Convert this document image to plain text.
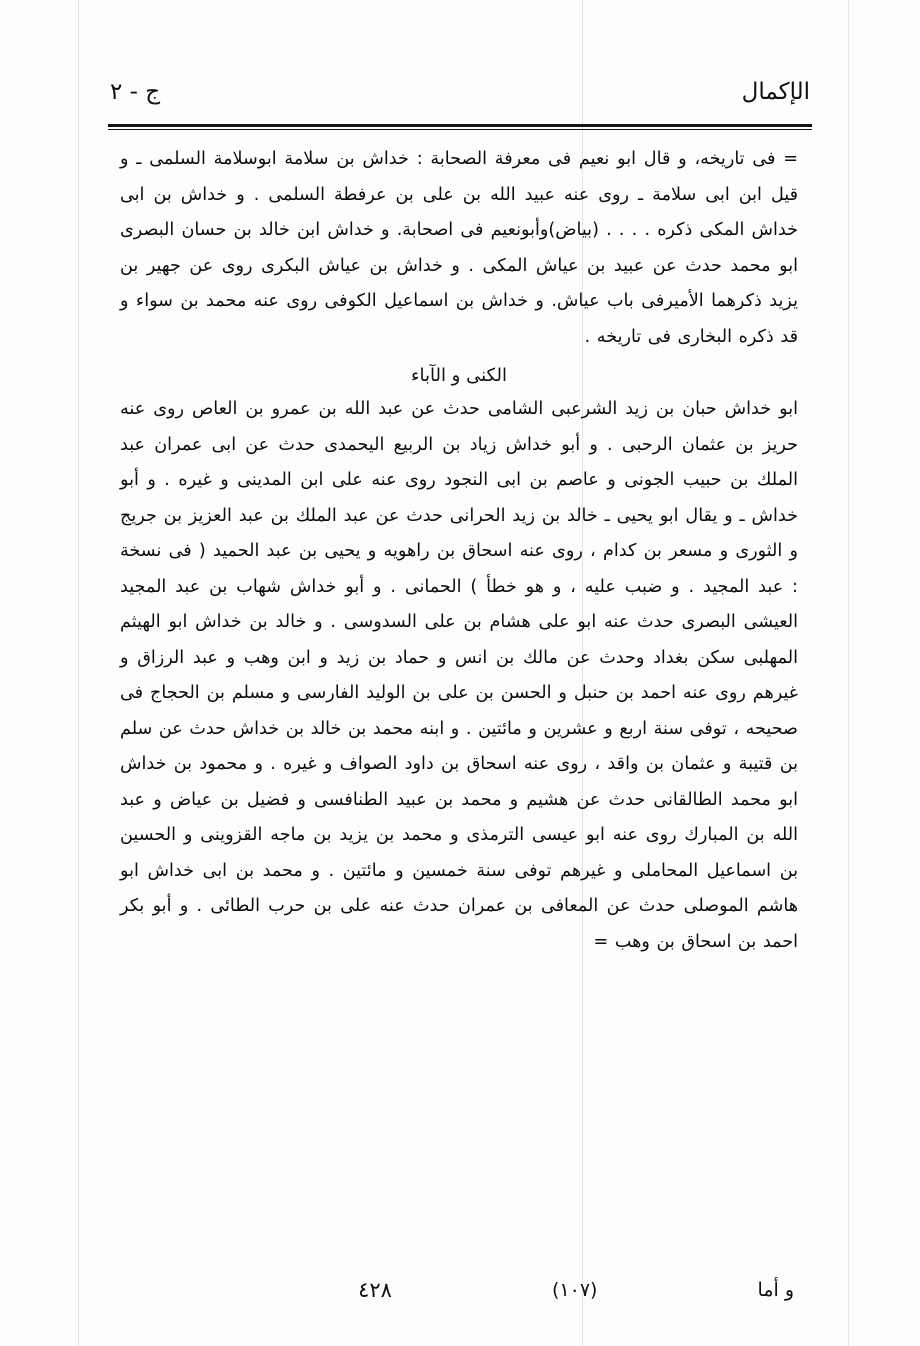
الإكمال
ج - ٢

= فى تاريخه، و قال ابو نعيم فى معرفة الصحابة : خداش بن سلامة ابوسلامة السلمى ـ و قيل ابن ابى سلامة ـ روى عنه عبيد الله بن على بن عرفطة السلمى . و خداش بن ابى خداش المكى ذكره . . . . (بياض)وأبونعيم فى اصحابة. و خداش ابن خالد بن حسان البصرى ابو محمد حدث عن عبيد بن عياش المكى . و خداش بن عياش البكرى روى عن جهير بن يزيد ذكرهما الأميرفى باب عياش. و خداش بن اسماعيل الكوفى روى عنه محمد بن سواء و قد ذكره البخارى فى تاريخه .

الكنى و الآباء

ابو خداش حبان بن زيد الشرعبى الشامى حدث عن عبد الله بن عمرو بن العاص روى عنه حريز بن عثمان الرحبى . و أبو خداش زياد بن الربيع اليحمدى حدث عن ابى عمران عبد الملك بن حبيب الجونى و عاصم بن ابى النجود روى عنه على ابن المدينى و غيره . و أبو خداش ـ و يقال ابو يحيى ـ خالد بن زيد الحرانى حدث عن عبد الملك بن عبد العزيز بن جريج و الثورى و مسعر بن كدام ، روى عنه اسحاق بن راهويه و يحيى بن عبد الحميد ( فى نسخة : عبد المجيد . و ضبب عليه ، و هو خطأ ) الحمانى . و أبو خداش شهاب بن عبد المجيد العيشى البصرى حدث عنه ابو على هشام بن على السدوسى . و خالد بن خداش ابو الهيثم المهلبى سكن بغداد وحدث عن مالك بن انس و حماد بن زيد و ابن وهب و عبد الرزاق و غيرهم روى عنه احمد بن حنبل و الحسن بن على بن الوليد الفارسى و مسلم بن الحجاج فى صحيحه ، توفى سنة اربع و عشرين و مائتين . و ابنه محمد بن خالد بن خداش حدث عن سلم بن قتيبة و عثمان بن واقد ، روى عنه اسحاق بن داود الصواف و غيره . و محمود بن خداش ابو محمد الطالقانى حدث عن هشيم و محمد بن عبيد الطنافسى و فضيل بن عياض و عبد الله بن المبارك روى عنه ابو عيسى الترمذى و محمد بن يزيد بن ماجه القزوينى و الحسين بن اسماعيل المحاملى و غيرهم توفى سنة خمسين و مائتين . و محمد بن ابى خداش ابو هاشم الموصلى حدث عن المعافى بن عمران حدث عنه على بن حرب الطائى . و أبو بكر احمد بن اسحاق بن وهب =

و أما
(١٠٧)
٤٢٨
